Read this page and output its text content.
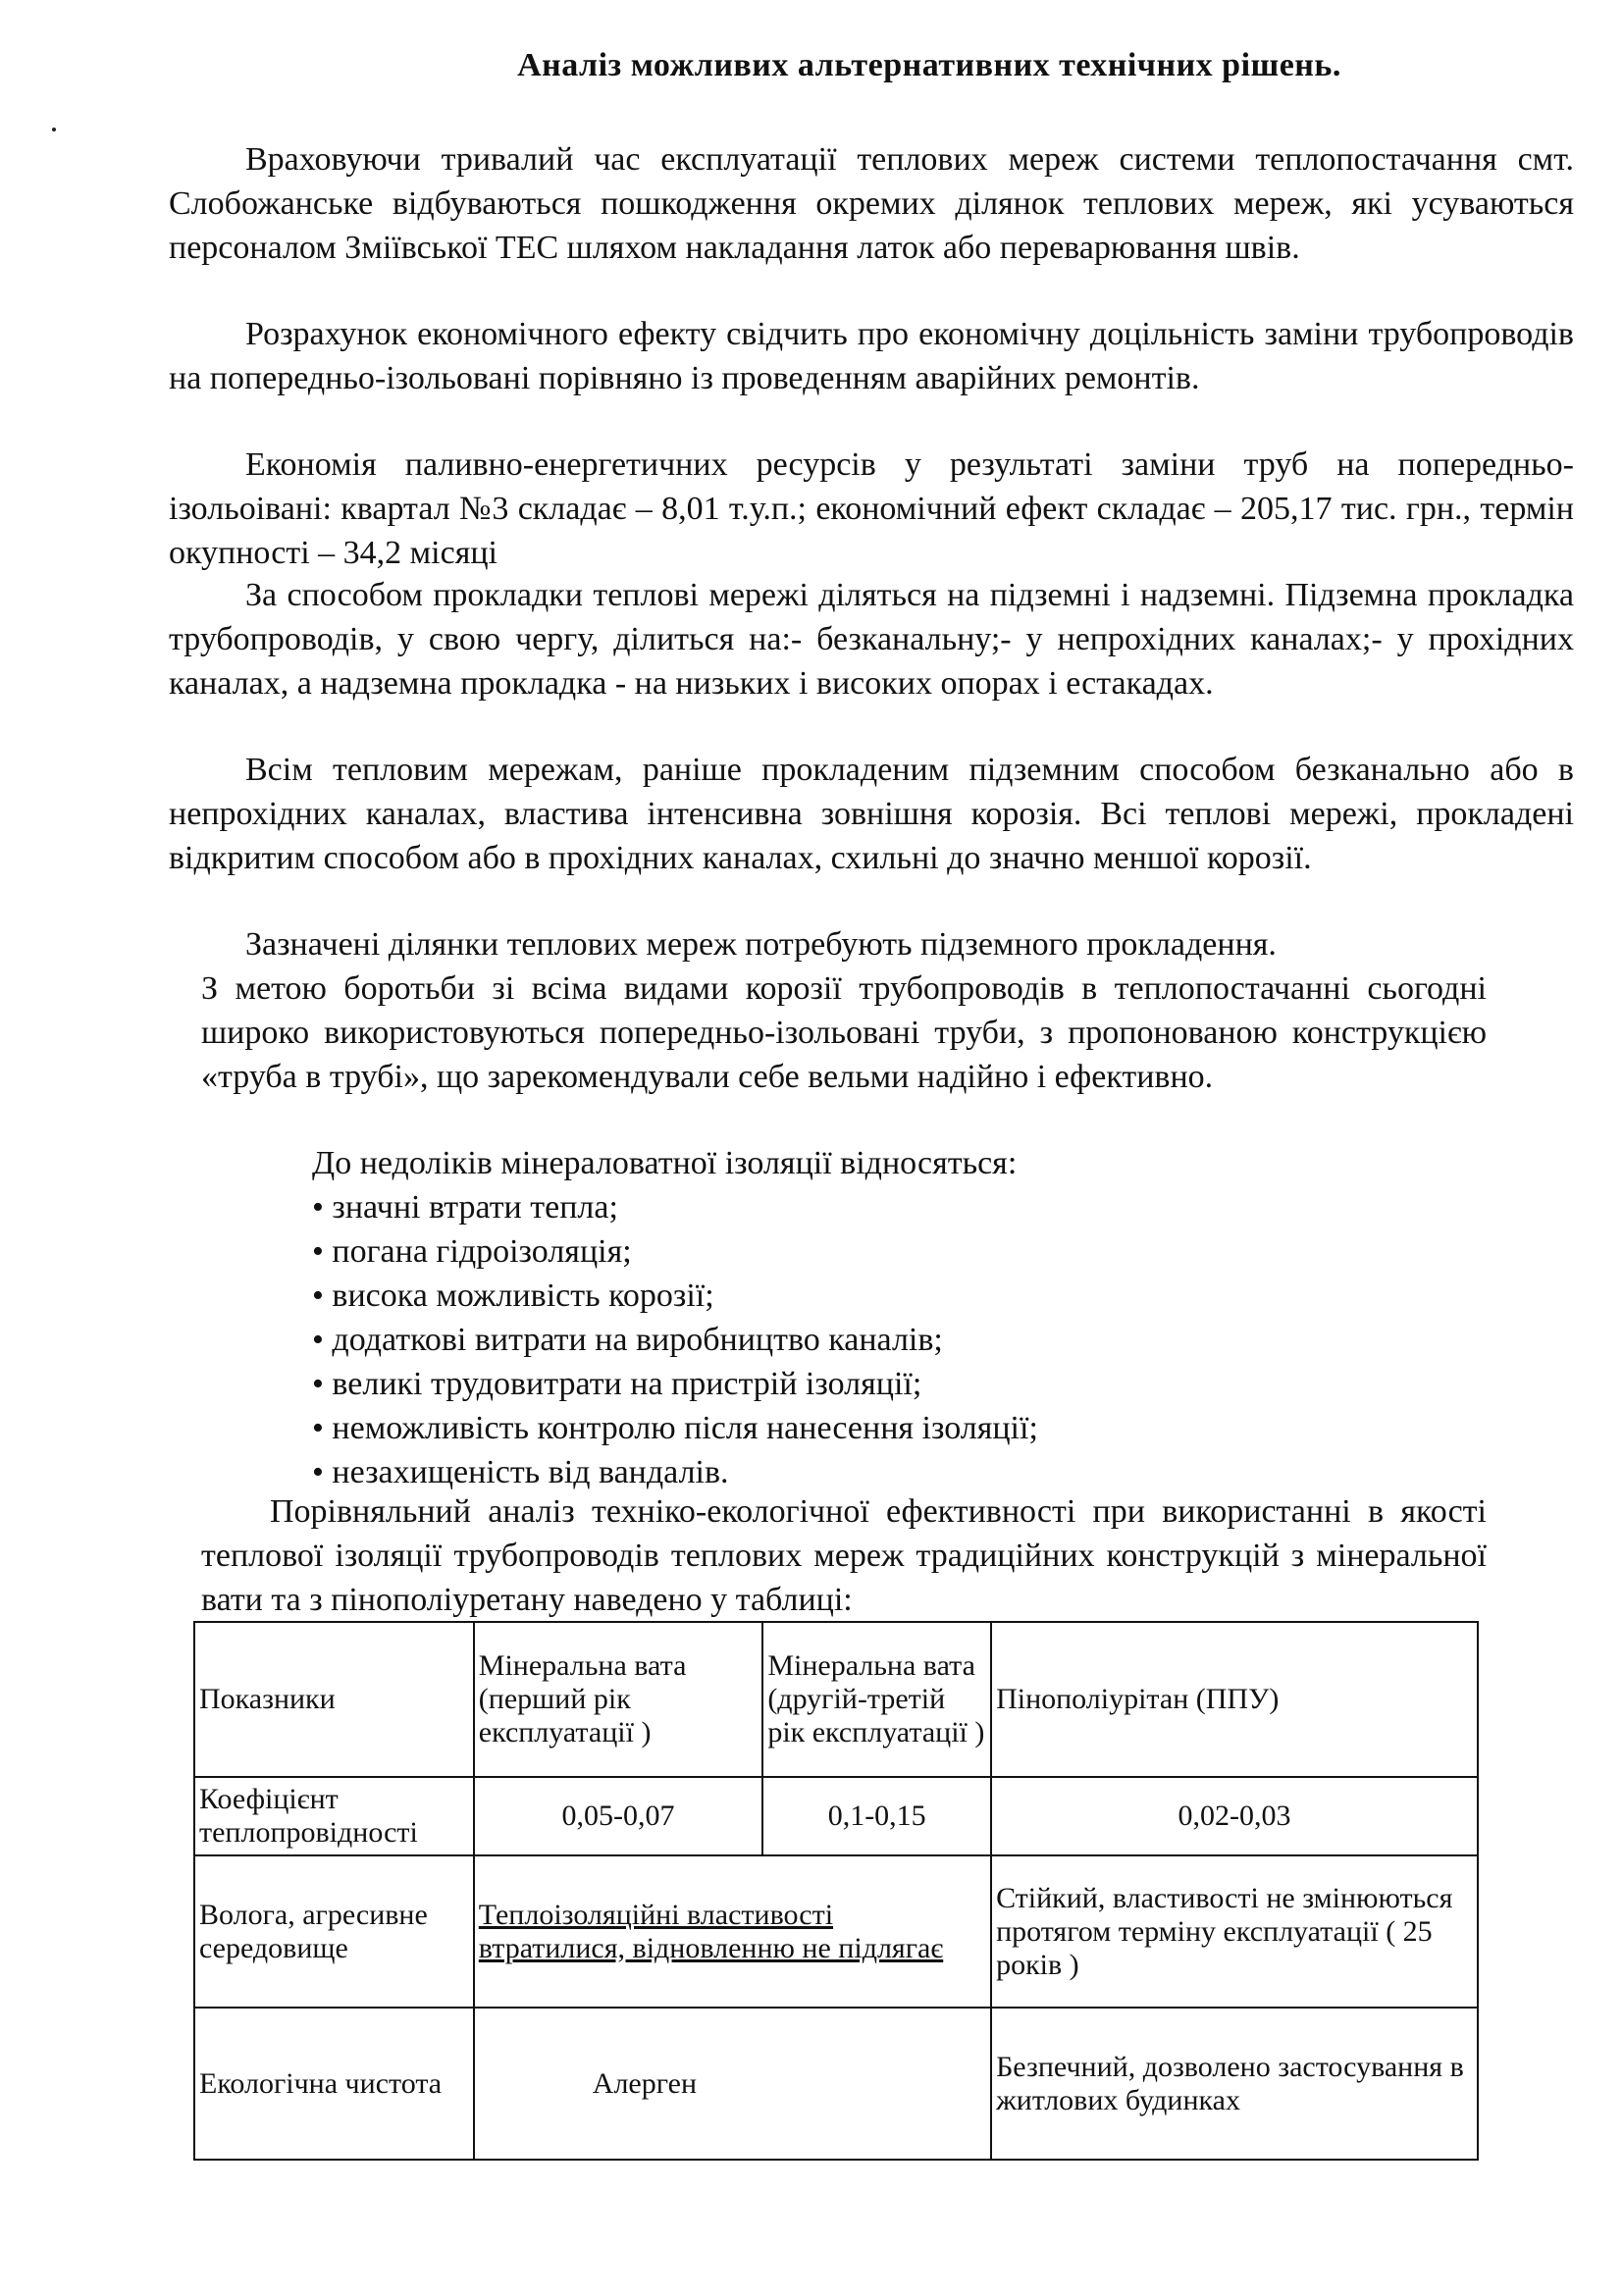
Аналіз можливих альтернативних технічних рішень.
Враховуючи тривалий час експлуатації теплових мереж системи теплопостачання смт. Слобожанське відбуваються пошкодження окремих ділянок теплових мереж, які усуваються персоналом Зміївської ТЕС шляхом накладання латок або переварювання швів.
Розрахунок економічного ефекту свідчить про економічну доцільність заміни трубопроводів на попередньо-ізольовані порівняно із проведенням аварійних ремонтів.
Економія паливно-енергетичних ресурсів у результаті заміни труб на попередньо-ізольоівані: квартал №3 складає – 8,01 т.у.п.; економічний ефект складає – 205,17 тис. грн., термін окупності – 34,2 місяці
За способом прокладки теплові мережі діляться на підземні і надземні. Підземна прокладка трубопроводів, у свою чергу, ділиться на:- безканальну;- у непрохідних каналах;- у прохідних каналах, а надземна прокладка - на низьких і високих опорах і естакадах.
Всім тепловим мережам, раніше прокладеним підземним способом безканально або в непрохідних каналах, властива інтенсивна зовнішня корозія. Всі теплові мережі, прокладені відкритим способом або в прохідних каналах, схильні до значно меншої корозії.
Зазначені ділянки теплових мереж потребують підземного прокладення.
З метою боротьби зі всіма видами корозії трубопроводів в теплопостачанні сьогодні широко використовуються попередньо-ізольовані труби, з пропонованою конструкцією «труба в трубі», що зарекомендували себе вельми надійно і ефективно.
До недоліків мінераловатної ізоляції відносяться:
• значні втрати тепла;
• погана гідроізоляція;
• висока можливість корозії;
• додаткові витрати на виробництво каналів;
• великі трудовитрати на пристрій ізоляції;
• неможливість контролю після нанесення ізоляції;
• незахищеність від вандалів.
Порівняльний аналіз техніко-екологічної ефективності при використанні в якості теплової ізоляції трубопроводів теплових мереж традиційних конструкцій з мінеральної вати та з пінополіуретану наведено у таблиці:
Показники	Мінеральна вата (перший рік експлуатації )	Мінеральна вата (другій-третій рік експлуатації )	Пінополіурітан (ППУ)
Коефіцієнт теплопровідності	0,05-0,07	0,1-0,15	0,02-0,03
Волога, агресивне середовище	Теплоізоляційні властивості втратилися, відновленню не підлягає		Стійкий, властивості не змінюються протягом терміну експлуатації ( 25 років )
Екологічна чистота	Алерген		Безпечний, дозволено застосування в житлових будинках
